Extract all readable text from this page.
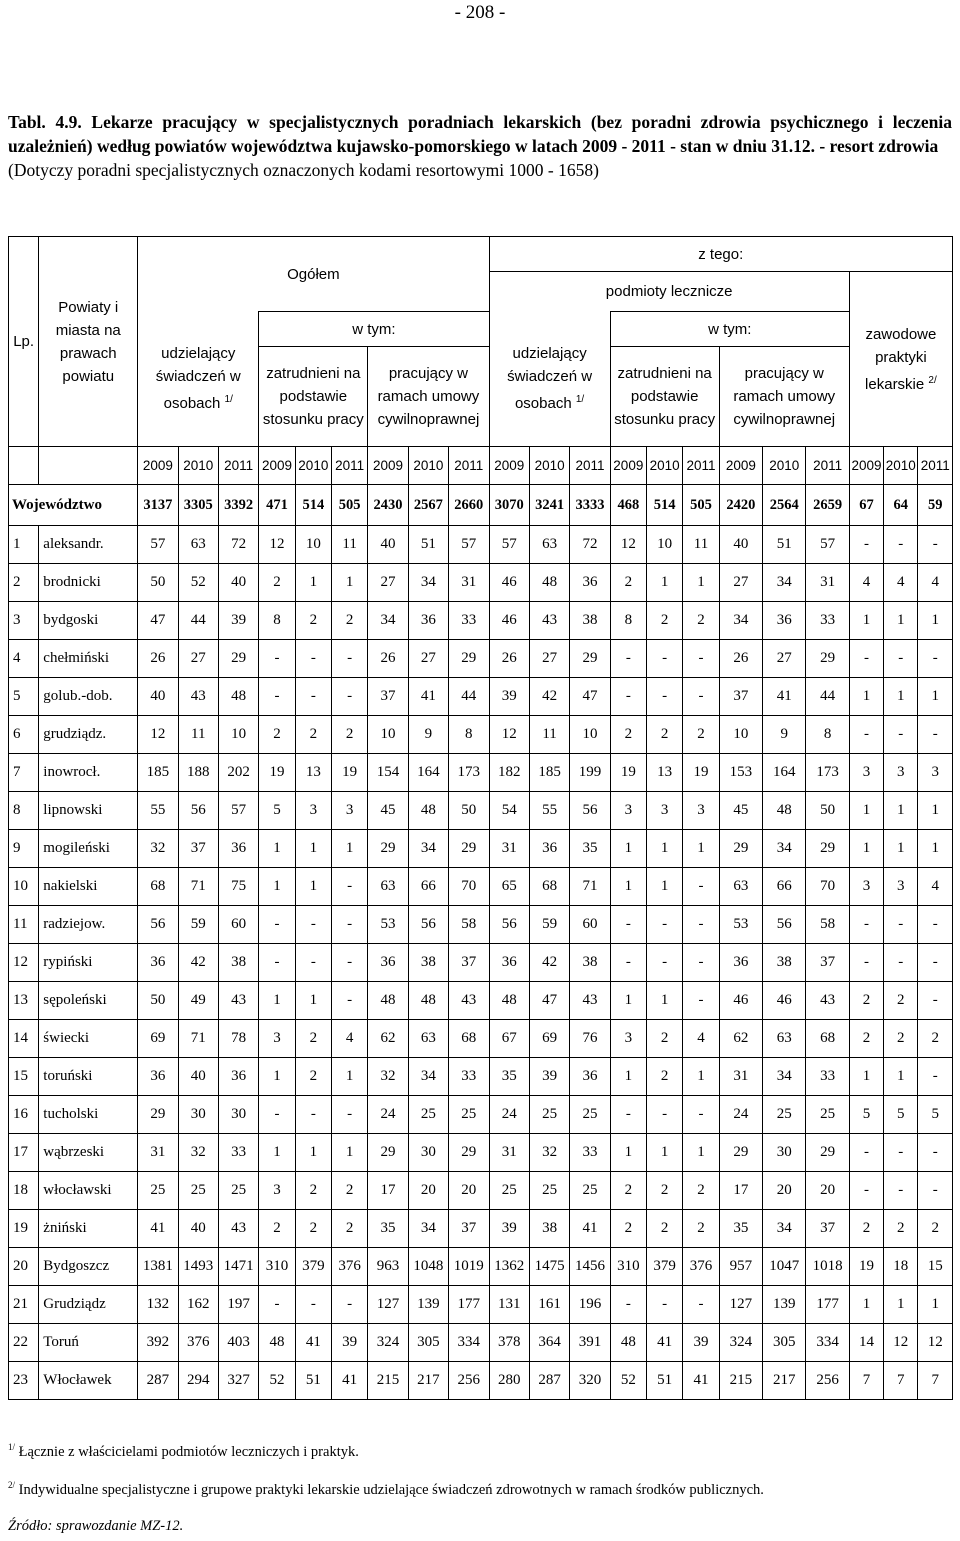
- 208 -
Tabl. 4.9. Lekarze pracujący w specjalistycznych poradniach lekarskich (bez poradni zdrowia psychicznego i leczenia uzależnień) według powiatów województwa kujawsko-pomorskiego w latach 2009 - 2011 - stan w dniu 31.12. - resort zdrowia
(Dotyczy poradni specjalistycznych oznaczonych kodami resortowymi 1000 - 1658)
Lp.	Powiaty i miasta na prawach powiatu	Ogółem									z tego:											
											podmioty lecznicze									zawodowe praktyki lekarskie $^{2/}$
		udzielający świadczeń w osobach $^{1/}$			w tym:						udzielający świadczeń w osobach $^{1/}$			w tym:								
					zatrudnieni na podstawie stosunku pracy			pracujący w ramach umowy cywilnoprawnej						zatrudnieni na podstawie stosunku pracy			pracujący w ramach umowy cywilnoprawnej					
		2009	2010	2011	2009	2010	2011	2009	2010	2011	2009	2010	2011	2009	2010	2011	2009	2010	2011	2009	2010	2011
Województwo		3137	3305	3392	471	514	505	2430	2567	2660	3070	3241	3333	468	514	505	2420	2564	2659	67	64	59
1	aleksandr.	57	63	72	12	10	11	40	51	57	57	63	72	12	10	11	40	51	57	-	-	-
2	brodnicki	50	52	40	2	1	1	27	34	31	46	48	36	2	1	1	27	34	31	4	4	4
3	bydgoski	47	44	39	8	2	2	34	36	33	46	43	38	8	2	2	34	36	33	1	1	1
4	chełmiński	26	27	29	-	-	-	26	27	29	26	27	29	-	-	-	26	27	29	-	-	-
5	golub.-dob.	40	43	48	-	-	-	37	41	44	39	42	47	-	-	-	37	41	44	1	1	1
6	grudziądz.	12	11	10	2	2	2	10	9	8	12	11	10	2	2	2	10	9	8	-	-	-
7	inowrocł.	185	188	202	19	13	19	154	164	173	182	185	199	19	13	19	153	164	173	3	3	3
8	lipnowski	55	56	57	5	3	3	45	48	50	54	55	56	3	3	3	45	48	50	1	1	1
9	mogileński	32	37	36	1	1	1	29	34	29	31	36	35	1	1	1	29	34	29	1	1	1
10	nakielski	68	71	75	1	1	-	63	66	70	65	68	71	1	1	-	63	66	70	3	3	4
11	radziejow.	56	59	60	-	-	-	53	56	58	56	59	60	-	-	-	53	56	58	-	-	-
12	rypiński	36	42	38	-	-	-	36	38	37	36	42	38	-	-	-	36	38	37	-	-	-
13	sępoleński	50	49	43	1	1	-	48	48	43	48	47	43	1	1	-	46	46	43	2	2	-
14	świecki	69	71	78	3	2	4	62	63	68	67	69	76	3	2	4	62	63	68	2	2	2
15	toruński	36	40	36	1	2	1	32	34	33	35	39	36	1	2	1	31	34	33	1	1	-
16	tucholski	29	30	30	-	-	-	24	25	25	24	25	25	-	-	-	24	25	25	5	5	5
17	wąbrzeski	31	32	33	1	1	1	29	30	29	31	32	33	1	1	1	29	30	29	-	-	-
18	włocławski	25	25	25	3	2	2	17	20	20	25	25	25	2	2	2	17	20	20	-	-	-
19	żniński	41	40	43	2	2	2	35	34	37	39	38	41	2	2	2	35	34	37	2	2	2
20	Bydgoszcz	1381	1493	1471	310	379	376	963	1048	1019	1362	1475	1456	310	379	376	957	1047	1018	19	18	15
21	Grudziądz	132	162	197	-	-	-	127	139	177	131	161	196	-	-	-	127	139	177	1	1	1
22	Toruń	392	376	403	48	41	39	324	305	334	378	364	391	48	41	39	324	305	334	14	12	12
23	Włocławek	287	294	327	52	51	41	215	217	256	280	287	320	52	51	41	215	217	256	7	7	7
$^{1/}$ Łącznie z właścicielami podmiotów leczniczych i praktyk.
$^{2/}$ Indywidualne specjalistyczne i grupowe praktyki lekarskie udzielające świadczeń zdrowotnych w ramach środków publicznych.
Źródło: sprawozdanie MZ-12.
